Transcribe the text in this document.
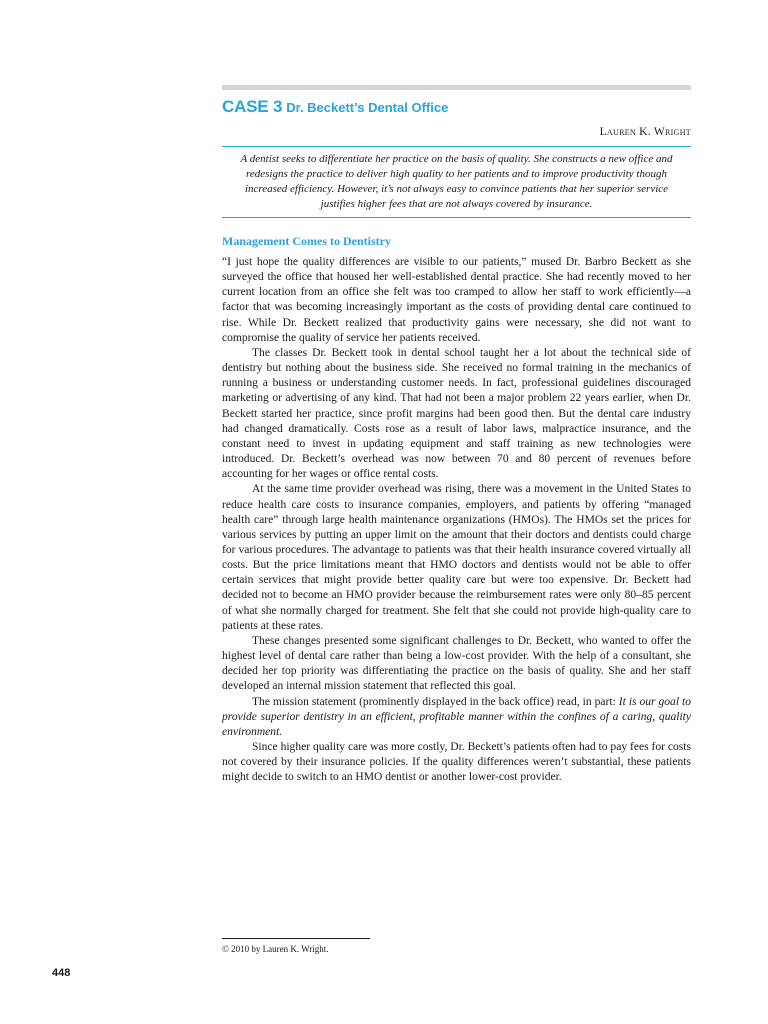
CASE 3 Dr. Beckett’s Dental Office
Lauren K. Wright
A dentist seeks to differentiate her practice on the basis of quality. She constructs a new office and redesigns the practice to deliver high quality to her patients and to improve productivity though increased efficiency. However, it’s not always easy to convince patients that her superior service justifies higher fees that are not always covered by insurance.
Management Comes to Dentistry

“I just hope the quality differences are visible to our patients,” mused Dr. Barbro Beckett as she surveyed the office that housed her well-established dental practice. She had recently moved to her current location from an office she felt was too cramped to allow her staff to work efficiently—a factor that was becoming increasingly important as the costs of providing dental care continued to rise. While Dr. Beckett realized that productivity gains were necessary, she did not want to compromise the quality of service her patients received.

The classes Dr. Beckett took in dental school taught her a lot about the technical side of dentistry but nothing about the business side. She received no formal training in the mechanics of running a business or understanding customer needs. In fact, professional guidelines discouraged marketing or advertising of any kind. That had not been a major problem 22 years earlier, when Dr. Beckett started her practice, since profit margins had been good then. But the dental care industry had changed dramatically. Costs rose as a result of labor laws, malpractice insurance, and the constant need to invest in updating equipment and staff training as new technologies were introduced. Dr. Beckett’s overhead was now between 70 and 80 percent of revenues before accounting for her wages or office rental costs.

At the same time provider overhead was rising, there was a movement in the United States to reduce health care costs to insurance companies, employers, and patients by offering “managed health care” through large health maintenance organizations (HMOs). The HMOs set the prices for various services by putting an upper limit on the amount that their doctors and dentists could charge for various procedures. The advantage to patients was that their health insurance covered virtually all costs. But the price limitations meant that HMO doctors and dentists would not be able to offer certain services that might provide better quality care but were too expensive. Dr. Beckett had decided not to become an HMO provider because the reimbursement rates were only 80–85 percent of what she normally charged for treatment. She felt that she could not provide high-quality care to patients at these rates.

These changes presented some significant challenges to Dr. Beckett, who wanted to offer the highest level of dental care rather than being a low-cost provider. With the help of a consultant, she decided her top priority was differentiating the practice on the basis of quality. She and her staff developed an internal mission statement that reflected this goal.

The mission statement (prominently displayed in the back office) read, in part: It is our goal to provide superior dentistry in an efficient, profitable manner within the confines of a caring, quality environment.

Since higher quality care was more costly, Dr. Beckett’s patients often had to pay fees for costs not covered by their insurance policies. If the quality differences weren’t substantial, these patients might decide to switch to an HMO dentist or another lower-cost provider.

© 2010 by Lauren K. Wright.
448
